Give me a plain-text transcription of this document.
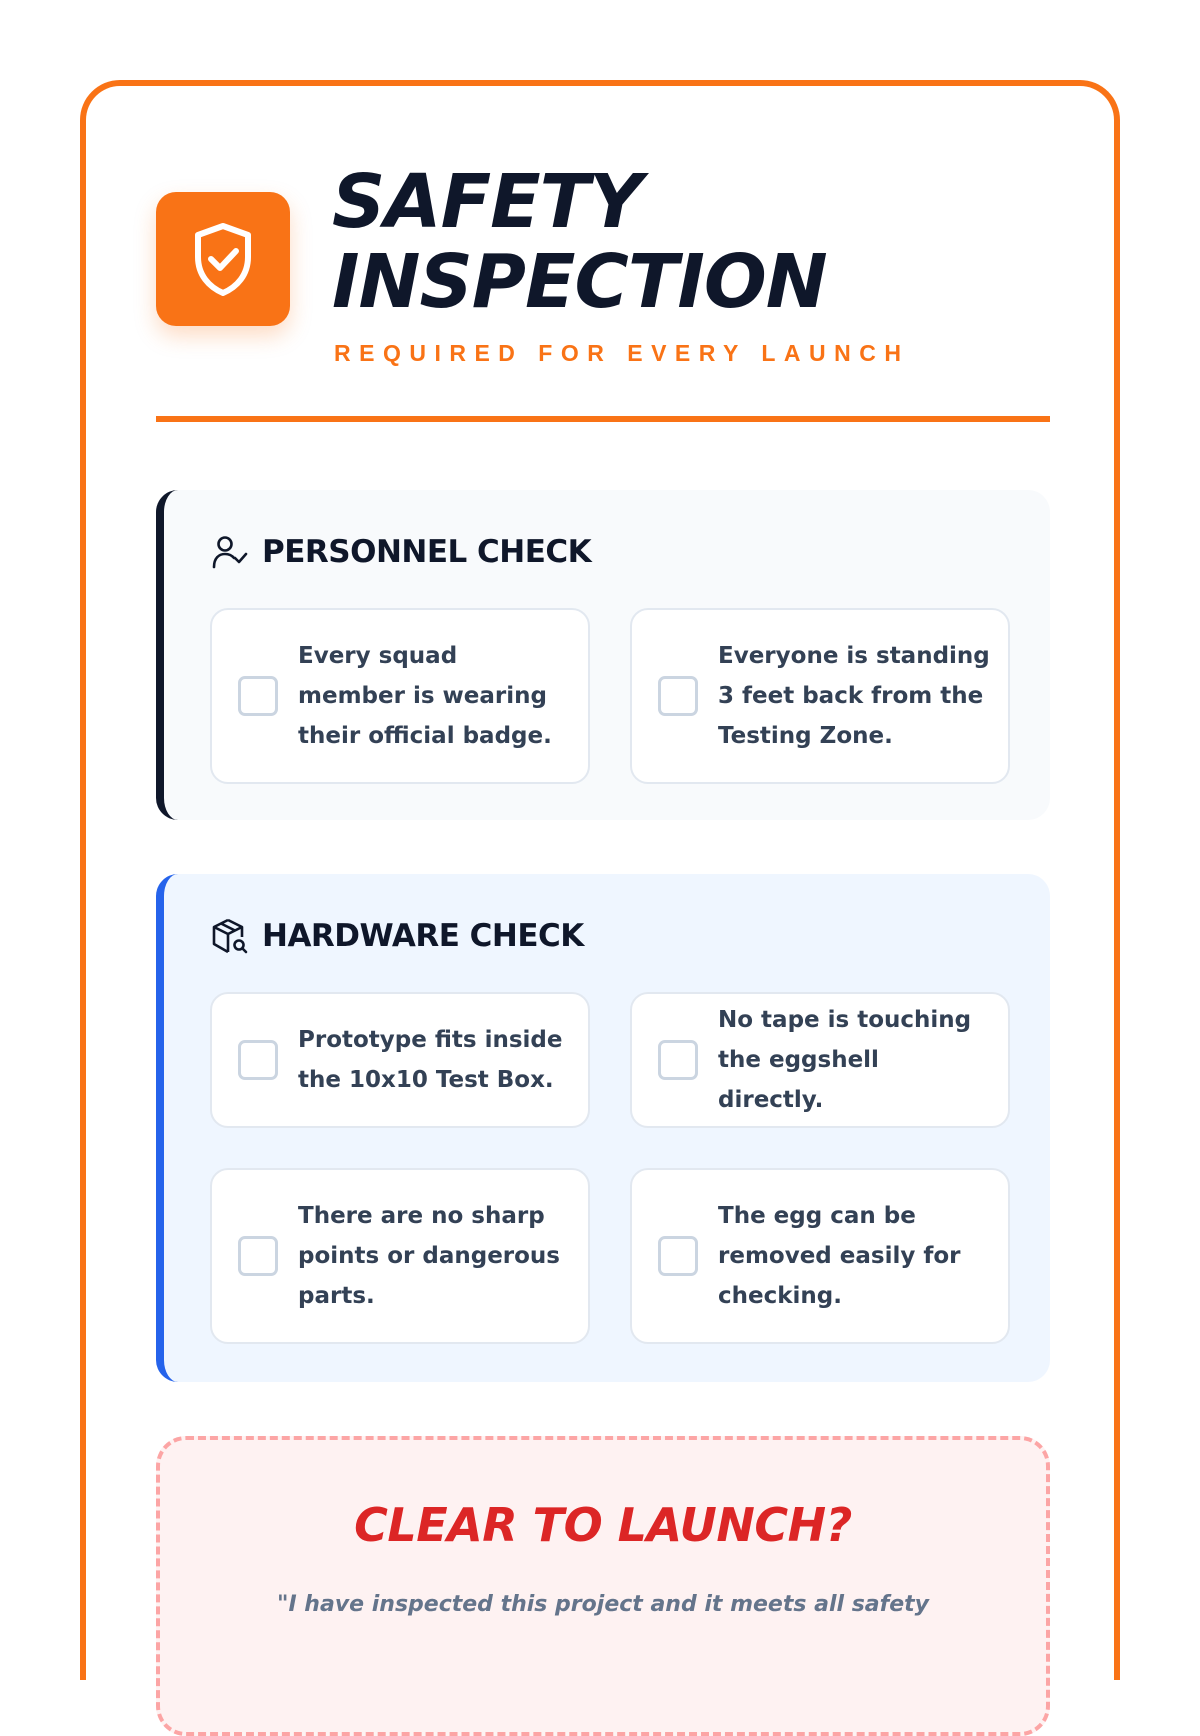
SAFETY INSPECTION
REQUIRED FOR EVERY LAUNCH
PERSONNEL CHECK
Every squad member is wearing their official badge.
Everyone is standing 3 feet back from the Testing Zone.
HARDWARE CHECK
Prototype fits inside the 10x10 Test Box.
No tape is touching the eggshell directly.
There are no sharp points or dangerous parts.
The egg can be removed easily for checking.
CLEAR TO LAUNCH?
"I have inspected this project and it meets all safety
